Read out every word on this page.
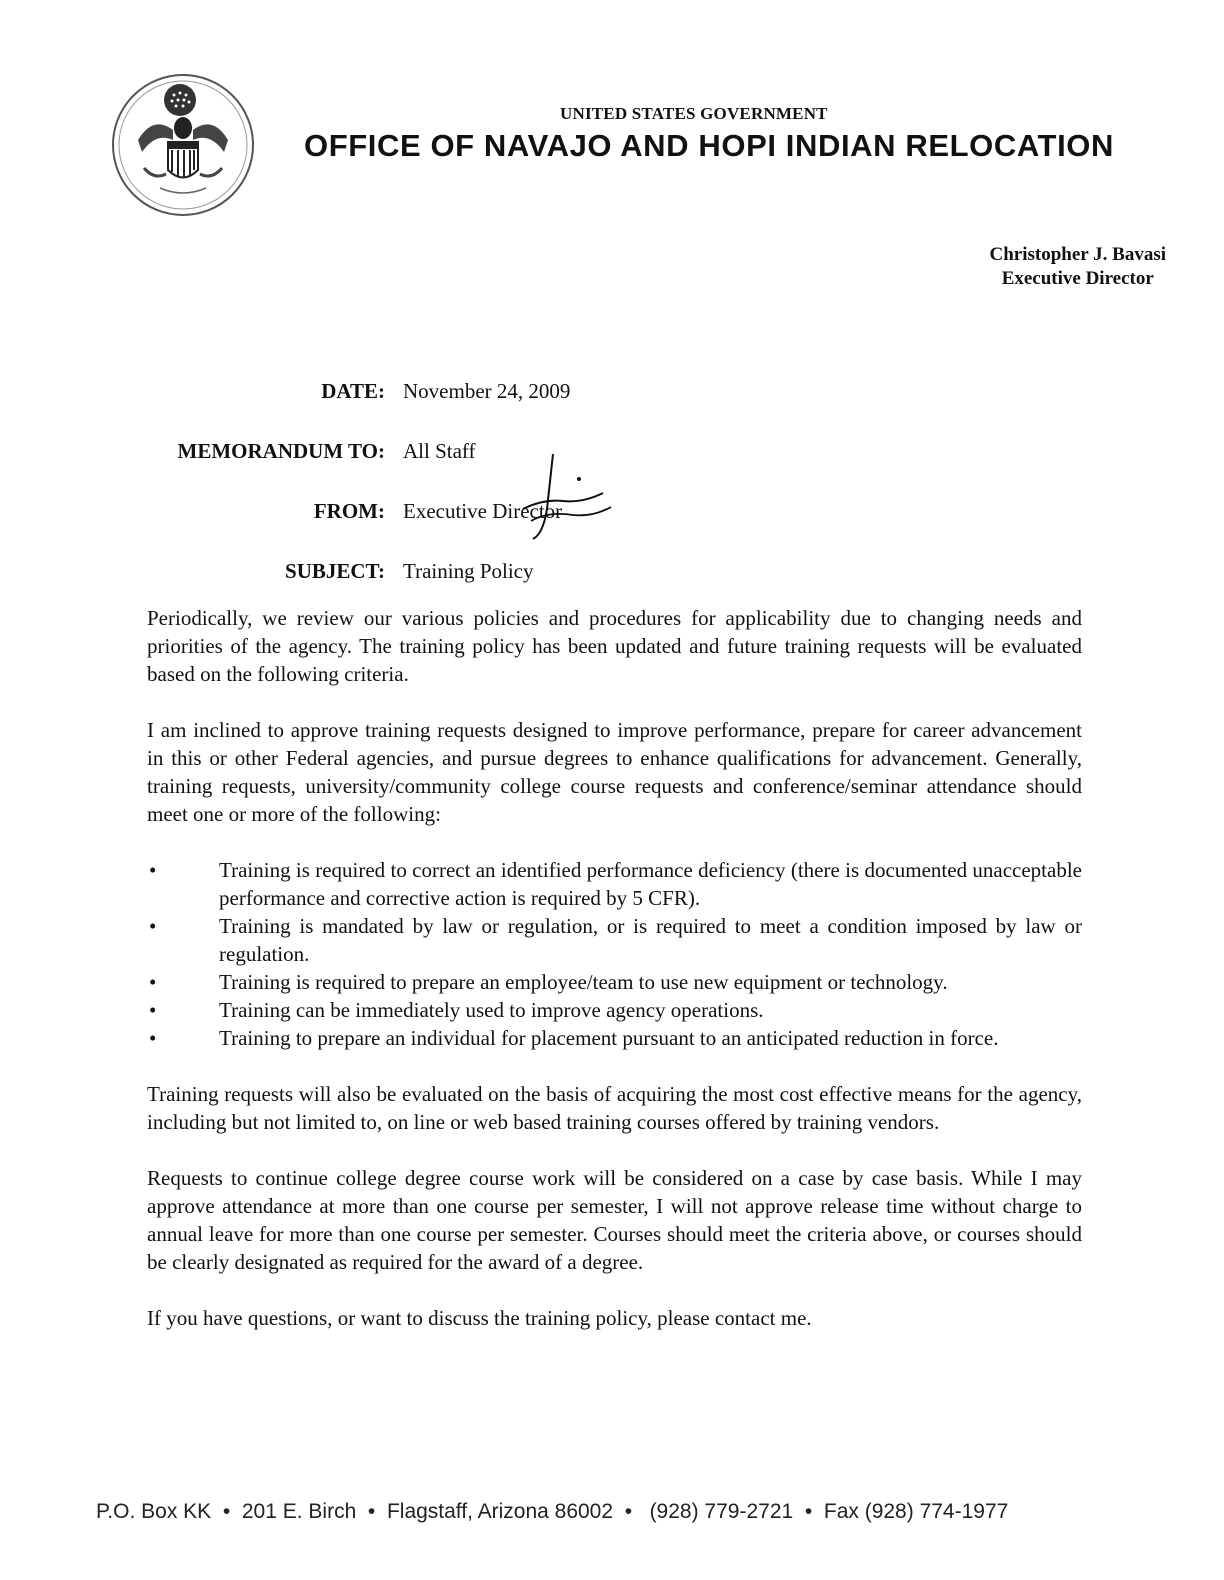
UNITED STATES GOVERNMENT
OFFICE OF NAVAJO AND HOPI INDIAN RELOCATION
Christopher J. Bavasi
Executive Director
DATE: November 24, 2009
MEMORANDUM TO: All Staff
FROM: Executive Director
SUBJECT: Training Policy

Periodically, we review our various policies and procedures for applicability due to changing needs and priorities of the agency. The training policy has been updated and future training requests will be evaluated based on the following criteria.

I am inclined to approve training requests designed to improve performance, prepare for career advancement in this or other Federal agencies, and pursue degrees to enhance qualifications for advancement. Generally, training requests, university/community college course requests and conference/seminar attendance should meet one or more of the following:

•	Training is required to correct an identified performance deficiency (there is documented unacceptable performance and corrective action is required by 5 CFR).
•	Training is mandated by law or regulation, or is required to meet a condition imposed by law or regulation.
•	Training is required to prepare an employee/team to use new equipment or technology.
•	Training can be immediately used to improve agency operations.
•	Training to prepare an individual for placement pursuant to an anticipated reduction in force.

Training requests will also be evaluated on the basis of acquiring the most cost effective means for the agency, including but not limited to, on line or web based training courses offered by training vendors.

Requests to continue college degree course work will be considered on a case by case basis. While I may approve attendance at more than one course per semester, I will not approve release time without charge to annual leave for more than one course per semester. Courses should meet the criteria above, or courses should be clearly designated as required for the award of a degree.

If you have questions, or want to discuss the training policy, please contact me.

P.O. Box KK  •  201 E. Birch  •  Flagstaff, Arizona 86002  •   (928) 779-2721  •  Fax (928) 774-1977
